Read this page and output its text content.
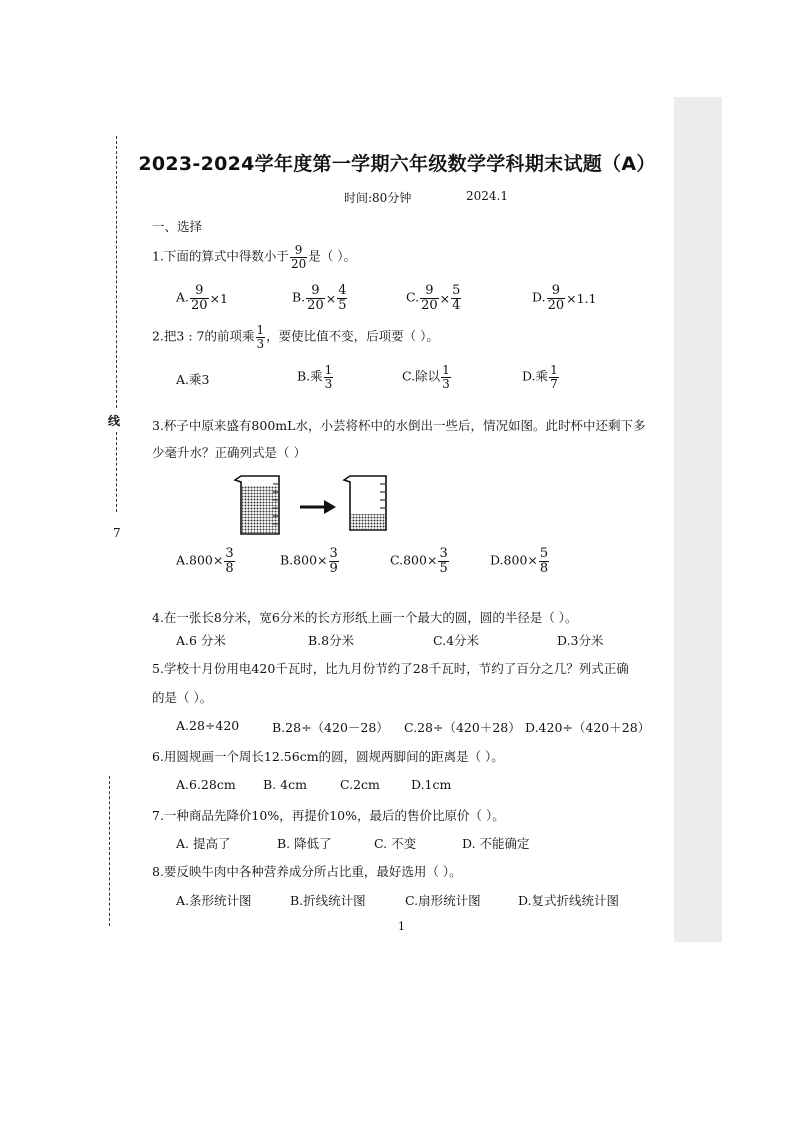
线
7
2023-2024学年度第一学期六年级数学学科期末试题（A）
时间:80分钟	2024.1
一、选择
1.下面的算式中得数小于 $\frac{9}{20}$ 是（ ）。
A. $\frac{9}{20} \times 1$	B. $\frac{9}{20} \times \frac{4}{5}$	C. $\frac{9}{20} \times \frac{5}{4}$	D. $\frac{9}{20} \times 1.1$
2.把3 : 7的前项乘 $\frac{1}{3}$ ，要使比值不变，后项要（ ）。
A.乘3	B.乘 $\frac{1}{3}$	C.除以 $\frac{1}{3}$	D.乘 $\frac{1}{7}$
3.杯子中原来盛有800mL水，小芸将杯中的水倒出一些后，情况如图。此时杯中还剩下多
少毫升水？正确列式是（ ）
$A.800\times \frac{3}{8}$	$B.800\times \frac{3}{9}$	$C.800\times \frac{3}{5}$	$D.800\times \frac{5}{8}$
4.在一张长8分米，宽6分米的长方形纸上画一个最大的圆，圆的半径是（ ）。
A.6 分米	B.8分米	C.4分米	D.3分米
5.学校十月份用电420千瓦时，比九月份节约了28千瓦时，节约了百分之几？列式正确
的是（ ）。
A.28÷420	B.28÷（420－28） C.28÷（420＋28） D.420÷（420＋28）
6.用圆规画一个周长12.56cm的圆，圆规两脚间的距离是（ ）。
A.6.28cm B. 4cm	C.2cm D.1cm
7.一种商品先降价10%，再提价10%，最后的售价比原价（ ）。
A. 提高了	B. 降低了	C. 不变	D. 不能确定
8.要反映牛肉中各种营养成分所占比重，最好选用（ ）。
A.条形统计图	B.折线统计图	C.扇形统计图	D.复式折线统计图
1
